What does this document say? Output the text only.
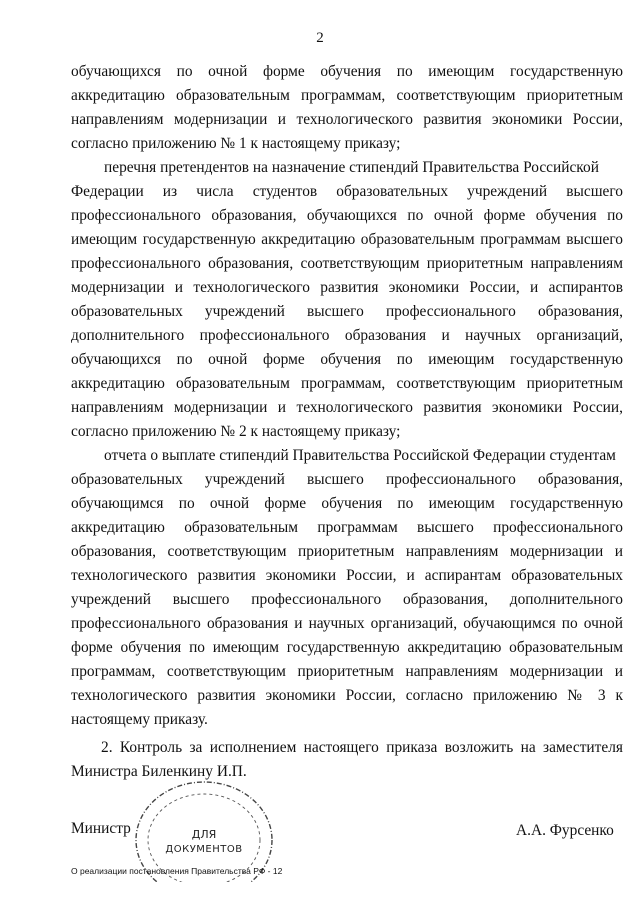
2
обучающихся по очной форме обучения по имеющим государственную
аккредитацию образовательным программам, соответствующим приоритетным
направлениям модернизации и технологического развития экономики России,
согласно приложению № 1 к настоящему приказу;
перечня претендентов на назначение стипендий Правительства Российской
Федерации из числа студентов образовательных учреждений высшего
профессионального образования, обучающихся по очной форме обучения по
имеющим государственную аккредитацию образовательным программам высшего
профессионального образования, соответствующим приоритетным направлениям
модернизации и технологического развития экономики России, и аспирантов
образовательных учреждений высшего профессионального образования,
дополнительного профессионального образования и научных организаций,
обучающихся по очной форме обучения по имеющим государственную
аккредитацию образовательным программам, соответствующим приоритетным
направлениям модернизации и технологического развития экономики России,
согласно приложению № 2 к настоящему приказу;
отчета о выплате стипендий Правительства Российской Федерации студентам
образовательных учреждений высшего профессионального образования,
обучающимся по очной форме обучения по имеющим государственную
аккредитацию образовательным программам высшего профессионального
образования, соответствующим приоритетным направлениям модернизации и
технологического развития экономики России, и аспирантам образовательных
учреждений высшего профессионального образования, дополнительного
профессионального образования и научных организаций, обучающимся по очной
форме обучения по имеющим государственную аккредитацию образовательным
программам, соответствующим приоритетным направлениям модернизации и
технологического развития экономики России, согласно приложению № 3 к
настоящему приказу.
2. Контроль за исполнением настоящего приказа возложить на заместителя
Министра Биленкину И.П.
ДЛЯ
ДОКУМЕНТОВ
Министр	А.А. Фурсенко
О реализации постановления Правительства РФ - 12
